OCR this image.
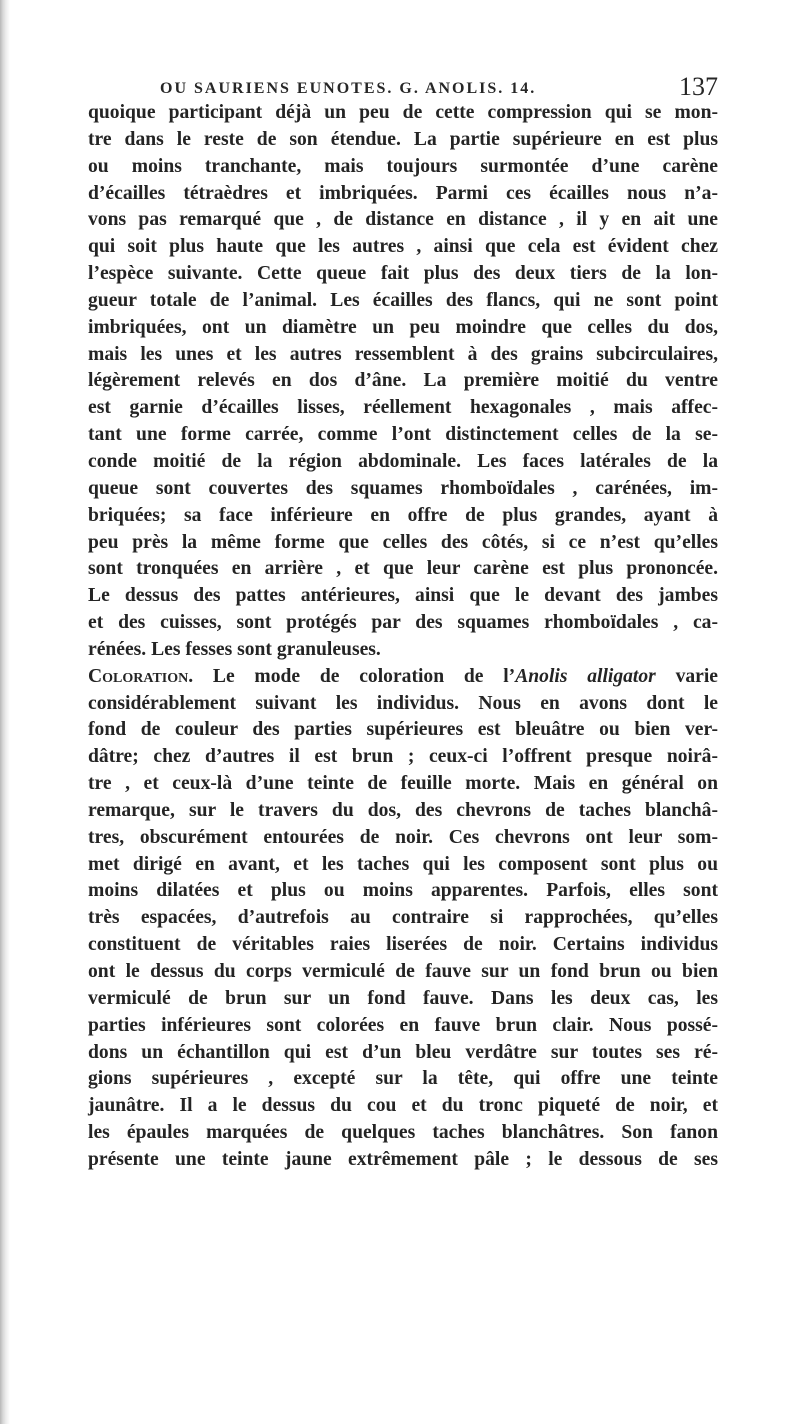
OU SAURIENS EUNOTES. G. ANOLIS. 14.	137
quoique participant déjà un peu de cette compression qui se mon-
tre dans le reste de son étendue. La partie supérieure en est plus
ou moins tranchante, mais toujours surmontée d’une carène
d’écailles tétraèdres et imbriquées. Parmi ces écailles nous n’a-
vons pas remarqué que , de distance en distance , il y en ait une
qui soit plus haute que les autres , ainsi que cela est évident chez
l’espèce suivante. Cette queue fait plus des deux tiers de la lon-
gueur totale de l’animal. Les écailles des flancs, qui ne sont point
imbriquées, ont un diamètre un peu moindre que celles du dos,
mais les unes et les autres ressemblent à des grains subcirculaires,
légèrement relevés en dos d’âne. La première moitié du ventre
est garnie d’écailles lisses, réellement hexagonales , mais affec-
tant une forme carrée, comme l’ont distinctement celles de la se-
conde moitié de la région abdominale. Les faces latérales de la
queue sont couvertes des squames rhomboïdales , carénées, im-
briquées; sa face inférieure en offre de plus grandes, ayant à
peu près la même forme que celles des côtés, si ce n’est qu’elles
sont tronquées en arrière , et que leur carène est plus prononcée.
Le dessus des pattes antérieures, ainsi que le devant des jambes
et des cuisses, sont protégés par des squames rhomboïdales , ca-
rénées. Les fesses sont granuleuses.
Coloration. Le mode de coloration de l’Anolis alligator varie
considérablement suivant les individus. Nous en avons dont le
fond de couleur des parties supérieures est bleuâtre ou bien ver-
dâtre; chez d’autres il est brun ; ceux-ci l’offrent presque noirâ-
tre , et ceux-là d’une teinte de feuille morte. Mais en général on
remarque, sur le travers du dos, des chevrons de taches blanchâ-
tres, obscurément entourées de noir. Ces chevrons ont leur som-
met dirigé en avant, et les taches qui les composent sont plus ou
moins dilatées et plus ou moins apparentes. Parfois, elles sont
très espacées, d’autrefois au contraire si rapprochées, qu’elles
constituent de véritables raies liserées de noir. Certains individus
ont le dessus du corps vermiculé de fauve sur un fond brun ou bien
vermiculé de brun sur un fond fauve. Dans les deux cas, les
parties inférieures sont colorées en fauve brun clair. Nous possé-
dons un échantillon qui est d’un bleu verdâtre sur toutes ses ré-
gions supérieures , excepté sur la tête, qui offre une teinte
jaunâtre. Il a le dessus du cou et du tronc piqueté de noir, et
les épaules marquées de quelques taches blanchâtres. Son fanon
présente une teinte jaune extrêmement pâle ; le dessous de ses
